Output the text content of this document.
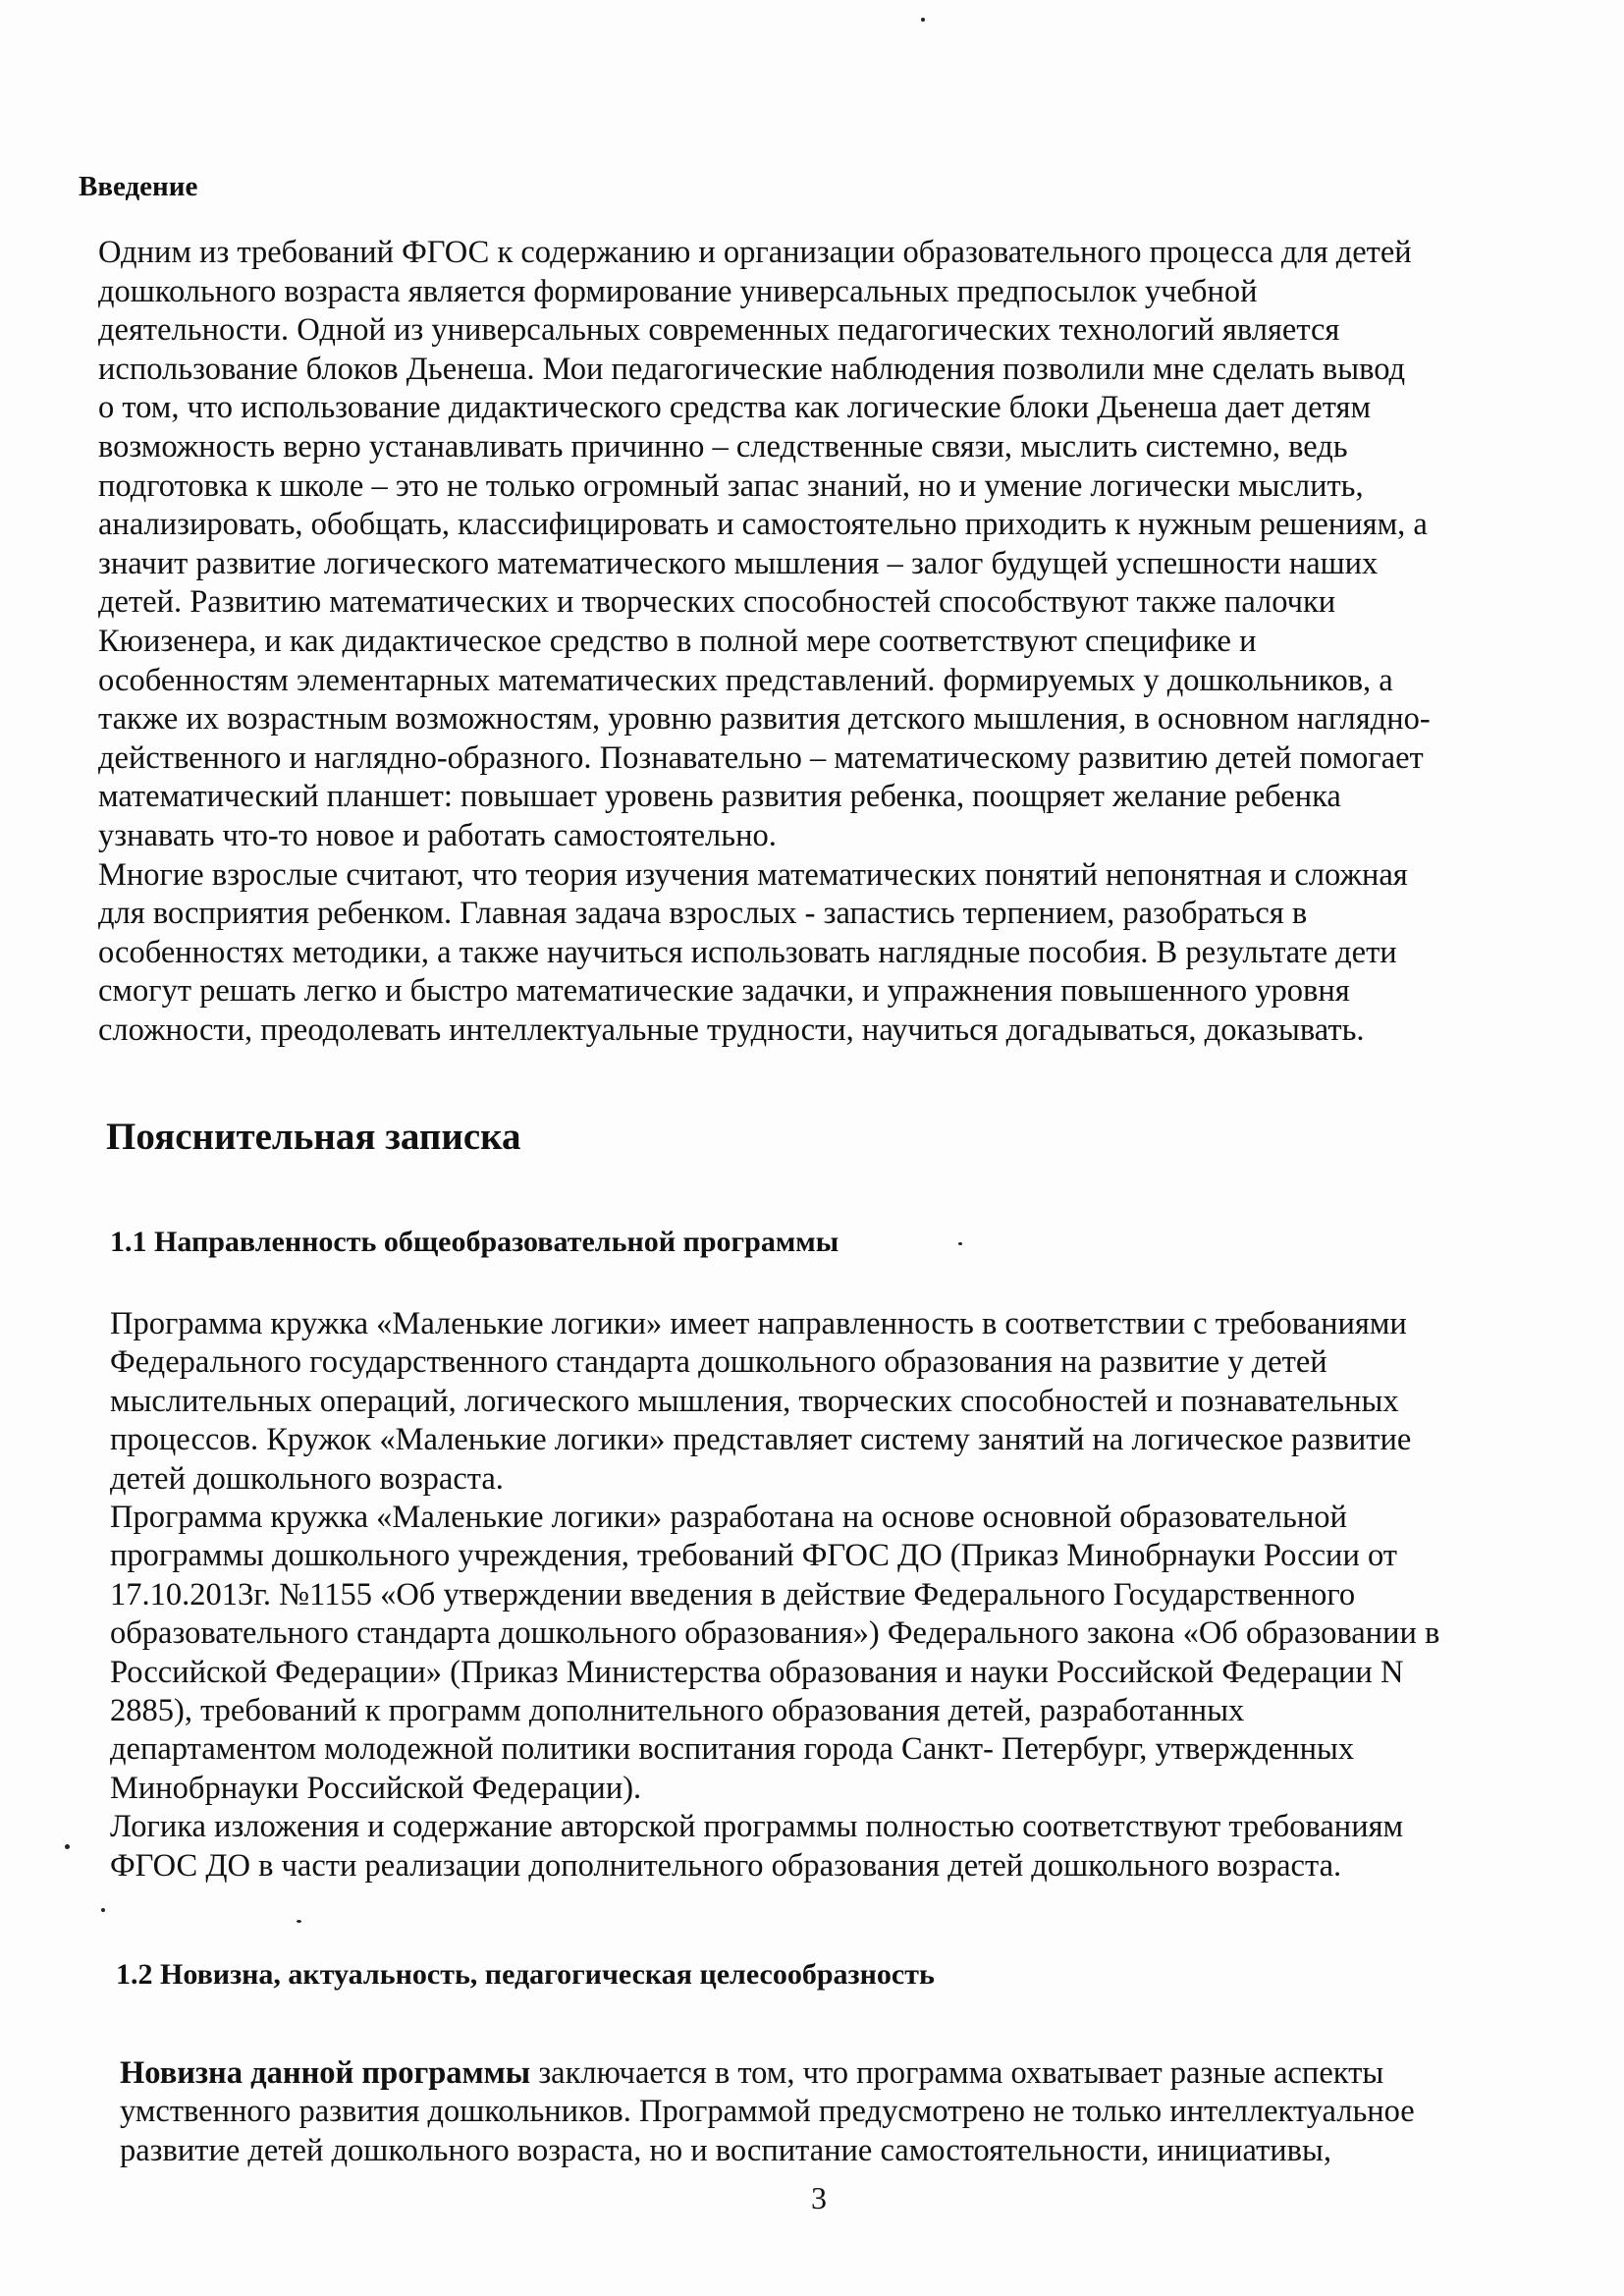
Введение
Одним из требований ФГОС к содержанию и организации образовательного процесса для детей
дошкольного возраста является формирование универсальных предпосылок учебной
деятельности. Одной из универсальных современных педагогических технологий является
использование блоков Дьенеша. Мои педагогические наблюдения позволили мне сделать вывод
о том, что использование дидактического средства как логические блоки Дьенеша дает детям
возможность верно устанавливать причинно – следственные связи, мыслить системно, ведь
подготовка к школе – это не только огромный запас знаний, но и умение логически мыслить,
анализировать, обобщать, классифицировать и самостоятельно приходить к нужным решениям, а
значит развитие логического математического мышления – залог будущей успешности наших
детей. Развитию математических и творческих способностей способствуют также палочки
Кюизенера, и как дидактическое средство в полной мере соответствуют специфике и
особенностям элементарных математических представлений. формируемых у дошкольников, а
также их возрастным возможностям, уровню развития детского мышления, в основном наглядно-
действенного и наглядно-образного. Познавательно – математическому развитию детей помогает
математический планшет: повышает уровень развития ребенка, поощряет желание ребенка
узнавать что-то новое и работать самостоятельно.
Многие взрослые считают, что теория изучения математических понятий непонятная и сложная
для восприятия ребенком. Главная задача взрослых - запастись терпением, разобраться в
особенностях методики, а также научиться использовать наглядные пособия. В результате дети
смогут решать легко и быстро математические задачки, и упражнения повышенного уровня
сложности, преодолевать интеллектуальные трудности, научиться догадываться, доказывать.
Пояснительная записка
1.1 Направленность общеобразовательной программы
Программа кружка «Маленькие логики» имеет направленность в соответствии с требованиями
Федерального государственного стандарта дошкольного образования на развитие у детей
мыслительных операций, логического мышления, творческих способностей и познавательных
процессов. Кружок «Маленькие логики» представляет систему занятий на логическое развитие
детей дошкольного возраста.
Программа кружка «Маленькие логики» разработана на основе основной образовательной
программы дошкольного учреждения, требований ФГОС ДО (Приказ Минобрнауки России от
17.10.2013г. №1155 «Об утверждении введения в действие Федерального Государственного
образовательного стандарта дошкольного образования») Федерального закона «Об образовании в
Российской Федерации» (Приказ Министерства образования и науки Российской Федерации N
2885), требований к программ дополнительного образования детей, разработанных
департаментом молодежной политики воспитания города Санкт- Петербург, утвержденных
Минобрнауки Российской Федерации).
Логика изложения и содержание авторской программы полностью соответствуют требованиям
ФГОС ДО в части реализации дополнительного образования детей дошкольного возраста.
1.2 Новизна, актуальность, педагогическая целесообразность
Новизна данной программы заключается в том, что программа охватывает разные аспекты
умственного развития дошкольников. Программой предусмотрено не только интеллектуальное
развитие детей дошкольного возраста, но и воспитание самостоятельности, инициативы,
3
